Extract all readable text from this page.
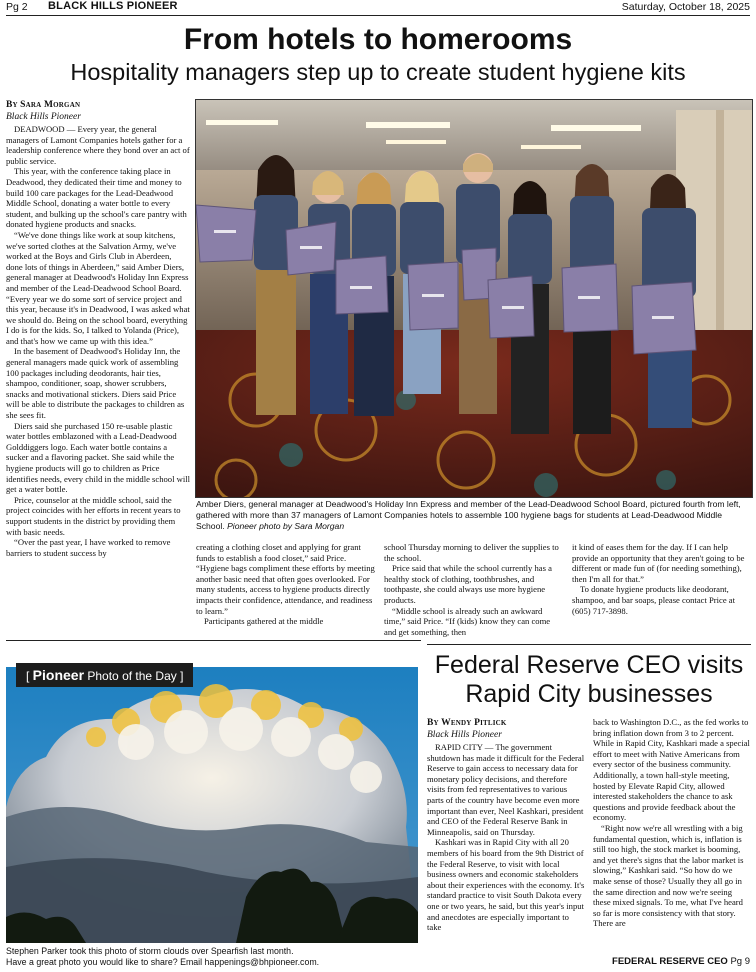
Pg 2 BLACK HILLS PIONEER	Saturday, October 18, 2025
From hotels to homerooms
Hospitality managers step up to create student hygiene kits
By Sara Morgan
Black Hills Pioneer

DEADWOOD — Every year, the general managers of Lamont Companies hotels gather for a leadership conference where they bond over an act of public service.

This year, with the conference taking place in Deadwood, they dedicated their time and money to build 100 care packages for the Lead-Deadwood Middle School, donating a water bottle to every student, and bulking up the school's care pantry with donated hygiene products and snacks.

“We've done things like work at soup kitchens, we've sorted clothes at the Salvation Army, we've worked at the Boys and Girls Club in Aberdeen, done lots of things in Aberdeen,” said Amber Diers, general manager at Deadwood's Holiday Inn Express and member of the Lead-Deadwood School Board. “Every year we do some sort of service project and this year, because it's in Deadwood, I was asked what we should do. Being on the school board, everything I do is for the kids. So, I talked to Yolanda (Price), and that's how we came up with this idea.”

In the basement of Deadwood's Holiday Inn, the general managers made quick work of assembling 100 packages including deodorants, hair ties, shampoo, conditioner, soap, shower scrubbers, snacks and motivational stickers. Diers said Price will be able to distribute the packages to children as she sees fit.

Diers said she purchased 150 re-usable plastic water bottles emblazoned with a Lead-Deadwood Golddiggers logo. Each water bottle contains a sucker and a flavoring packet. She said while the hygiene products will go to children as Price identifies needs, every child in the middle school will get a water bottle.

Price, counselor at the middle school, said the project coincides with her efforts in recent years to support students in the district by providing them with basic needs.

“Over the past year, I have worked to remove barriers to student success by

Amber Diers, general manager at Deadwood's Holiday Inn Express and member of the Lead-Deadwood School Board, pictured fourth from left, gathered with more than 37 managers of Lamont Companies hotels to assemble 100 hygiene bags for students at Lead-Deadwood Middle School. Pioneer photo by Sara Morgan

creating a clothing closet and applying for grant funds to establish a food closet,” said Price. “Hygiene bags compliment these efforts by meeting another basic need that often goes overlooked. For many students, access to hygiene products directly impacts their confidence, attendance, and readiness to learn.”

Participants gathered at the middle

school Thursday morning to deliver the supplies to the school.

Price said that while the school currently has a healthy stock of clothing, toothbrushes, and toothpaste, she could always use more hygiene products.

“Middle school is already such an awkward time,” said Price. “If (kids) know they can come and get something, then

it kind of eases them for the day. If I can help provide an opportunity that they aren't going to be different or made fun of (for needing something), then I'm all for that.”

To donate hygiene products like deodorant, shampoo, and bar soaps, please contact Price at (605) 717-3898.

[ Pioneer Photo of the Day ]
Stephen Parker took this photo of storm clouds over Spearfish last month.
Have a great photo you would like to share? Email happenings@bhpioneer.com.
Federal Reserve CEO visits
Rapid City businesses
By Wendy Pitlick
Black Hills Pioneer

RAPID CITY — The government shutdown has made it difficult for the Federal Reserve to gain access to necessary data for monetary policy decisions, and therefore visits from fed representatives to various parts of the country have become even more important than ever, Neel Kashkari, president and CEO of the Federal Reserve Bank in Minneapolis, said on Thursday.

Kashkari was in Rapid City with all 20 members of his board from the 9th District of the Federal Reserve, to visit with local business owners and economic stakeholders about their experiences with the economy. It's standard practice to visit South Dakota every one or two years, he said, but this year's input and anecdotes are especially important to take

back to Washington D.C., as the fed works to bring inflation down from 3 to 2 percent. While in Rapid City, Kashkari made a special effort to meet with Native Americans from every sector of the business community. Additionally, a town hall-style meeting, hosted by Elevate Rapid City, allowed interested stakeholders the chance to ask questions and provide feedback about the economy.

“Right now we're all wrestling with a big fundamental question, which is, inflation is still too high, the stock market is booming, and yet there's signs that the labor market is slowing,” Kashkari said. “So how do we make sense of those? Usually they all go in the same direction and now we're seeing these mixed signals. To me, what I've heard so far is more consistency with that story. There are

FEDERAL RESERVE CEO Pg 9
